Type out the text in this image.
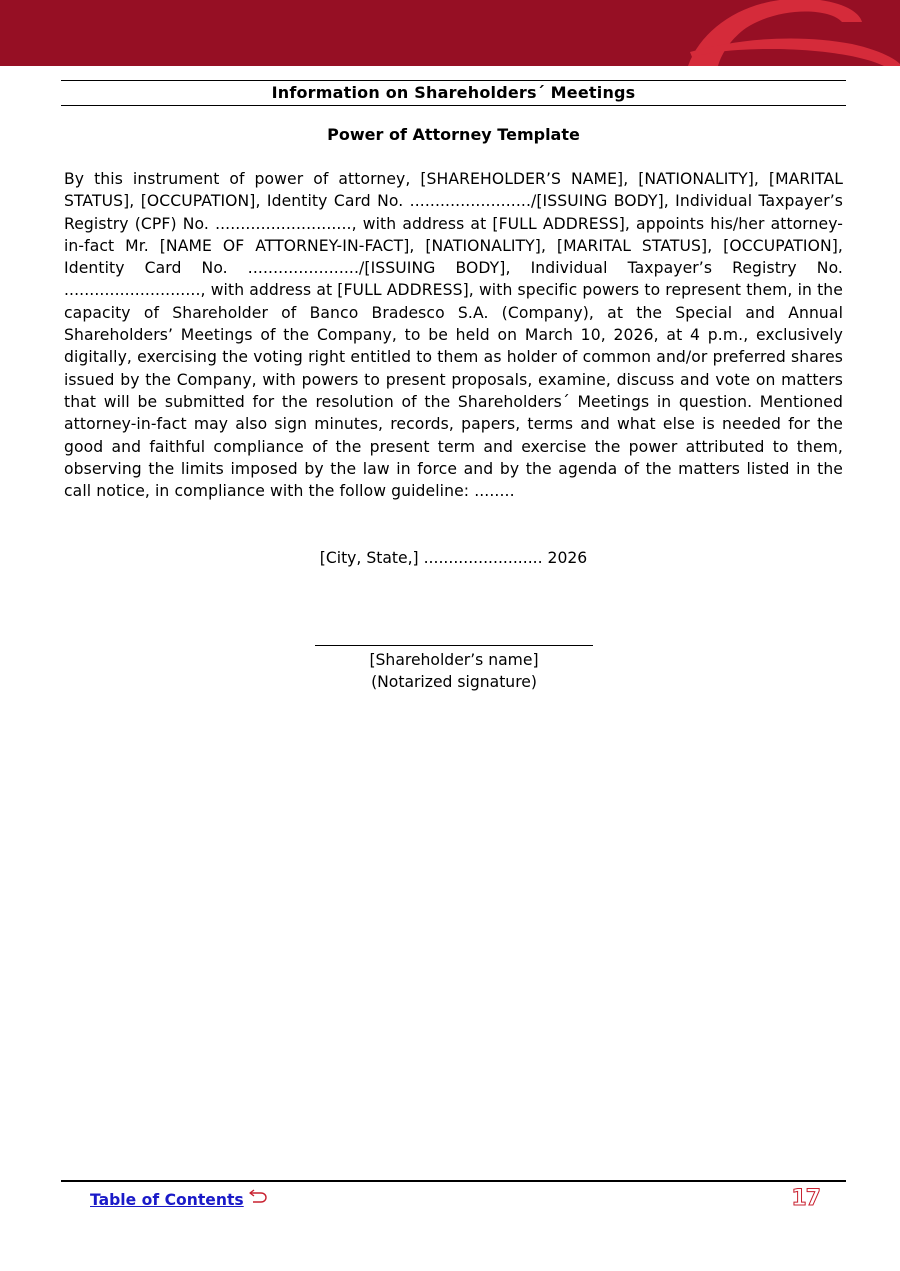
Information on Shareholders´ Meetings
Power of Attorney Template
By this instrument of power of attorney, [SHAREHOLDER’S NAME], [NATIONALITY], [MARITAL STATUS], [OCCUPATION], Identity Card No. ......................../[ISSUING BODY], Individual Taxpayer’s Registry (CPF) No. ..........................., with address at [FULL ADDRESS], appoints his/her attorney-in-fact Mr. [NAME OF ATTORNEY-IN-FACT], [NATIONALITY], [MARITAL STATUS], [OCCUPATION], Identity Card No. ....................../[ISSUING BODY], Individual Taxpayer’s Registry No. ..........................., with address at [FULL ADDRESS], with specific powers to represent them, in the capacity of Shareholder of Banco Bradesco S.A. (Company), at the Special and Annual Shareholders’ Meetings of the Company, to be held on March 10, 2026, at 4 p.m., exclusively digitally, exercising the voting right entitled to them as holder of common and/or preferred shares issued by the Company, with powers to present proposals, examine, discuss and vote on matters that will be submitted for the resolution of the Shareholders´ Meetings in question. Mentioned attorney-in-fact may also sign minutes, records, papers, terms and what else is needed for the good and faithful compliance of the present term and exercise the power attributed to them, observing the limits imposed by the law in force and by the agenda of the matters listed in the call notice, in compliance with the follow guideline: ........
[City, State,] ........................ 2026
[Shareholder’s name]
(Notarized signature)
Table of Contents	17
